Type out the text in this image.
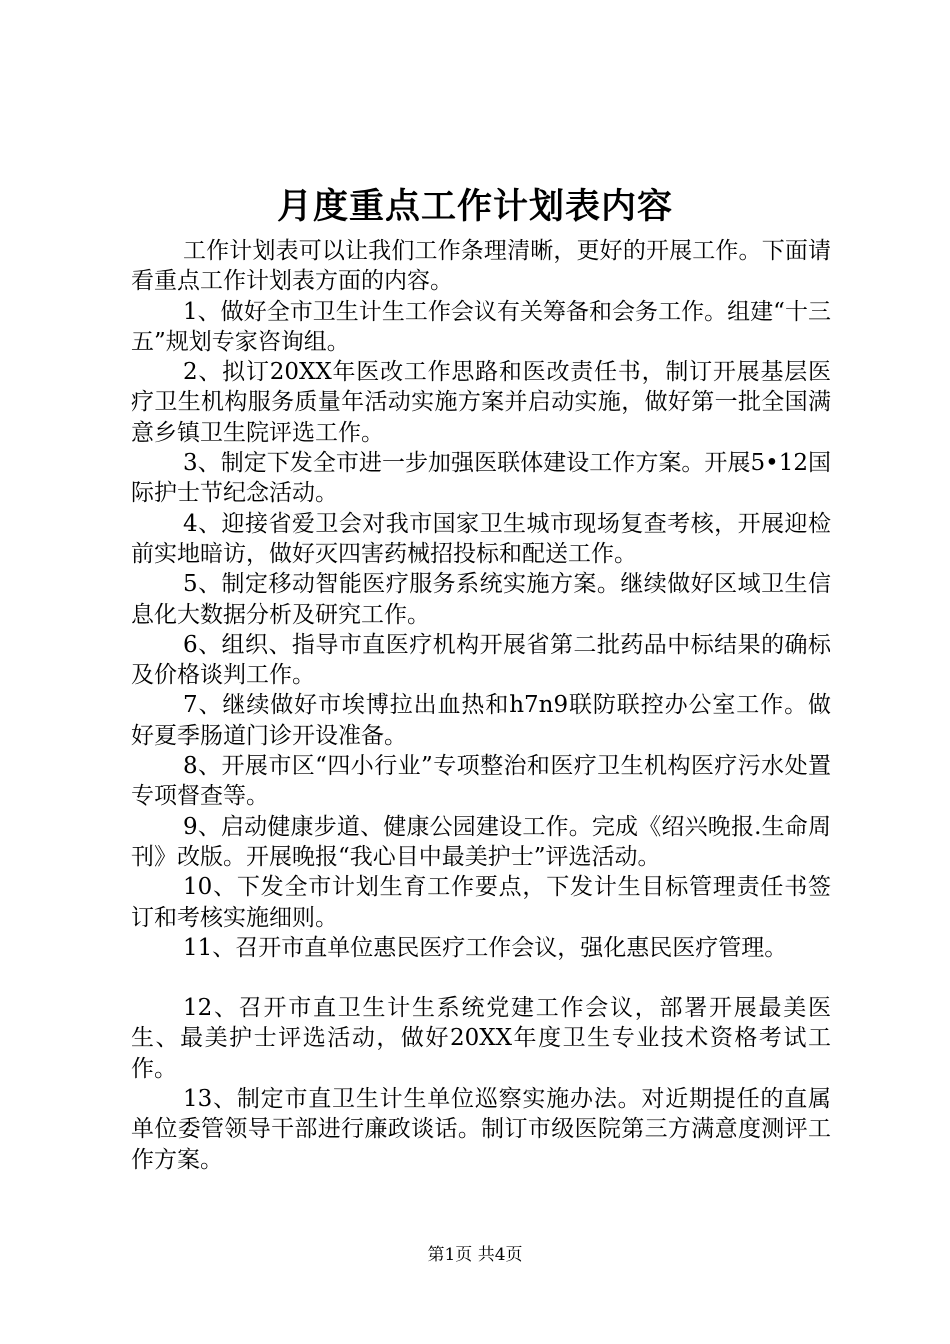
月度重点工作计划表内容

工作计划表可以让我们工作条理清晰，更好的开展工作。下面请看重点工作计划表方面的内容。

1、做好全市卫生计生工作会议有关筹备和会务工作。组建“十三五”规划专家咨询组。

2、拟订20XX年医改工作思路和医改责任书，制订开展基层医疗卫生机构服务质量年活动实施方案并启动实施，做好第一批全国满意乡镇卫生院评选工作。

3、制定下发全市进一步加强医联体建设工作方案。开展5•12国际护士节纪念活动。

4、迎接省爱卫会对我市国家卫生城市现场复查考核，开展迎检前实地暗访，做好灭四害药械招投标和配送工作。

5、制定移动智能医疗服务系统实施方案。继续做好区域卫生信息化大数据分析及研究工作。

6、组织、指导市直医疗机构开展省第二批药品中标结果的确标及价格谈判工作。

7、继续做好市埃博拉出血热和h7n9联防联控办公室工作。做好夏季肠道门诊开设准备。

8、开展市区“四小行业”专项整治和医疗卫生机构医疗污水处置专项督查等。

9、启动健康步道、健康公园建设工作。完成《绍兴晚报.生命周刊》改版。开展晚报“我心目中最美护士”评选活动。

10、下发全市计划生育工作要点，下发计生目标管理责任书签订和考核实施细则。

11、召开市直单位惠民医疗工作会议，强化惠民医疗管理。

12、召开市直卫生计生系统党建工作会议，部署开展最美医生、最美护士评选活动，做好20XX年度卫生专业技术资格考试工作。

13、制定市直卫生计生单位巡察实施办法。对近期提任的直属单位委管领导干部进行廉政谈话。制订市级医院第三方满意度测评工作方案。

第1页 共4页
